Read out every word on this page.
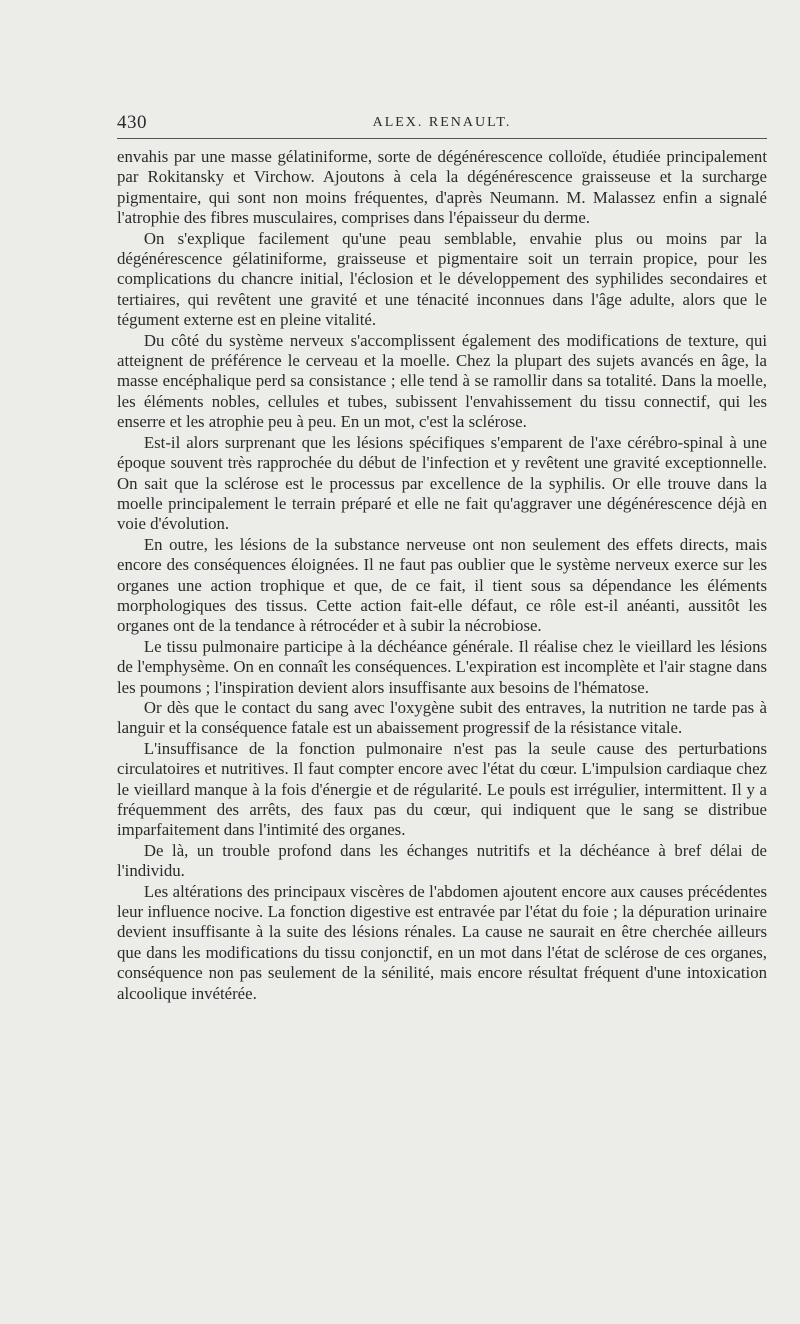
430	ALEX. RENAULT.

envahis par une masse gélatiniforme, sorte de dégénérescence colloïde, étudiée principalement par Rokitansky et Virchow. Ajoutons à cela la dégénérescence graisseuse et la surcharge pigmentaire, qui sont non moins fréquentes, d'après Neumann. M. Malassez enfin a signalé l'atrophie des fibres musculaires, comprises dans l'épaisseur du derme.

On s'explique facilement qu'une peau semblable, envahie plus ou moins par la dégénérescence gélatiniforme, graisseuse et pigmentaire soit un terrain propice, pour les complications du chancre initial, l'éclosion et le développement des syphilides secondaires et tertiaires, qui revêtent une gravité et une ténacité inconnues dans l'âge adulte, alors que le tégument externe est en pleine vitalité.

Du côté du système nerveux s'accomplissent également des modifications de texture, qui atteignent de préférence le cerveau et la moelle. Chez la plupart des sujets avancés en âge, la masse encéphalique perd sa consistance ; elle tend à se ramollir dans sa totalité. Dans la moelle, les éléments nobles, cellules et tubes, subissent l'envahissement du tissu connectif, qui les enserre et les atrophie peu à peu. En un mot, c'est la sclérose.

Est-il alors surprenant que les lésions spécifiques s'emparent de l'axe cérébro-spinal à une époque souvent très rapprochée du début de l'infection et y revêtent une gravité exceptionnelle. On sait que la sclérose est le processus par excellence de la syphilis. Or elle trouve dans la moelle principalement le terrain préparé et elle ne fait qu'aggraver une dégénérescence déjà en voie d'évolution.

En outre, les lésions de la substance nerveuse ont non seulement des effets directs, mais encore des conséquences éloignées. Il ne faut pas oublier que le système nerveux exerce sur les organes une action trophique et que, de ce fait, il tient sous sa dépendance les éléments morphologiques des tissus. Cette action fait-elle défaut, ce rôle est-il anéanti, aussitôt les organes ont de la tendance à rétrocéder et à subir la nécrobiose.

Le tissu pulmonaire participe à la déchéance générale. Il réalise chez le vieillard les lésions de l'emphysème. On en connaît les conséquences. L'expiration est incomplète et l'air stagne dans les poumons ; l'inspiration devient alors insuffisante aux besoins de l'hématose.

Or dès que le contact du sang avec l'oxygène subit des entraves, la nutrition ne tarde pas à languir et la conséquence fatale est un abaissement progressif de la résistance vitale.

L'insuffisance de la fonction pulmonaire n'est pas la seule cause des perturbations circulatoires et nutritives. Il faut compter encore avec l'état du cœur. L'impulsion cardiaque chez le vieillard manque à la fois d'énergie et de régularité. Le pouls est irrégulier, intermittent. Il y a fréquemment des arrêts, des faux pas du cœur, qui indiquent que le sang se distribue imparfaitement dans l'intimité des organes.

De là, un trouble profond dans les échanges nutritifs et la déchéance à bref délai de l'individu.

Les altérations des principaux viscères de l'abdomen ajoutent encore aux causes précédentes leur influence nocive. La fonction digestive est entravée par l'état du foie ; la dépuration urinaire devient insuffisante à la suite des lésions rénales. La cause ne saurait en être cherchée ailleurs que dans les modifications du tissu conjonctif, en un mot dans l'état de sclérose de ces organes, conséquence non pas seulement de la sénilité, mais encore résultat fréquent d'une intoxication alcoolique invétérée.
